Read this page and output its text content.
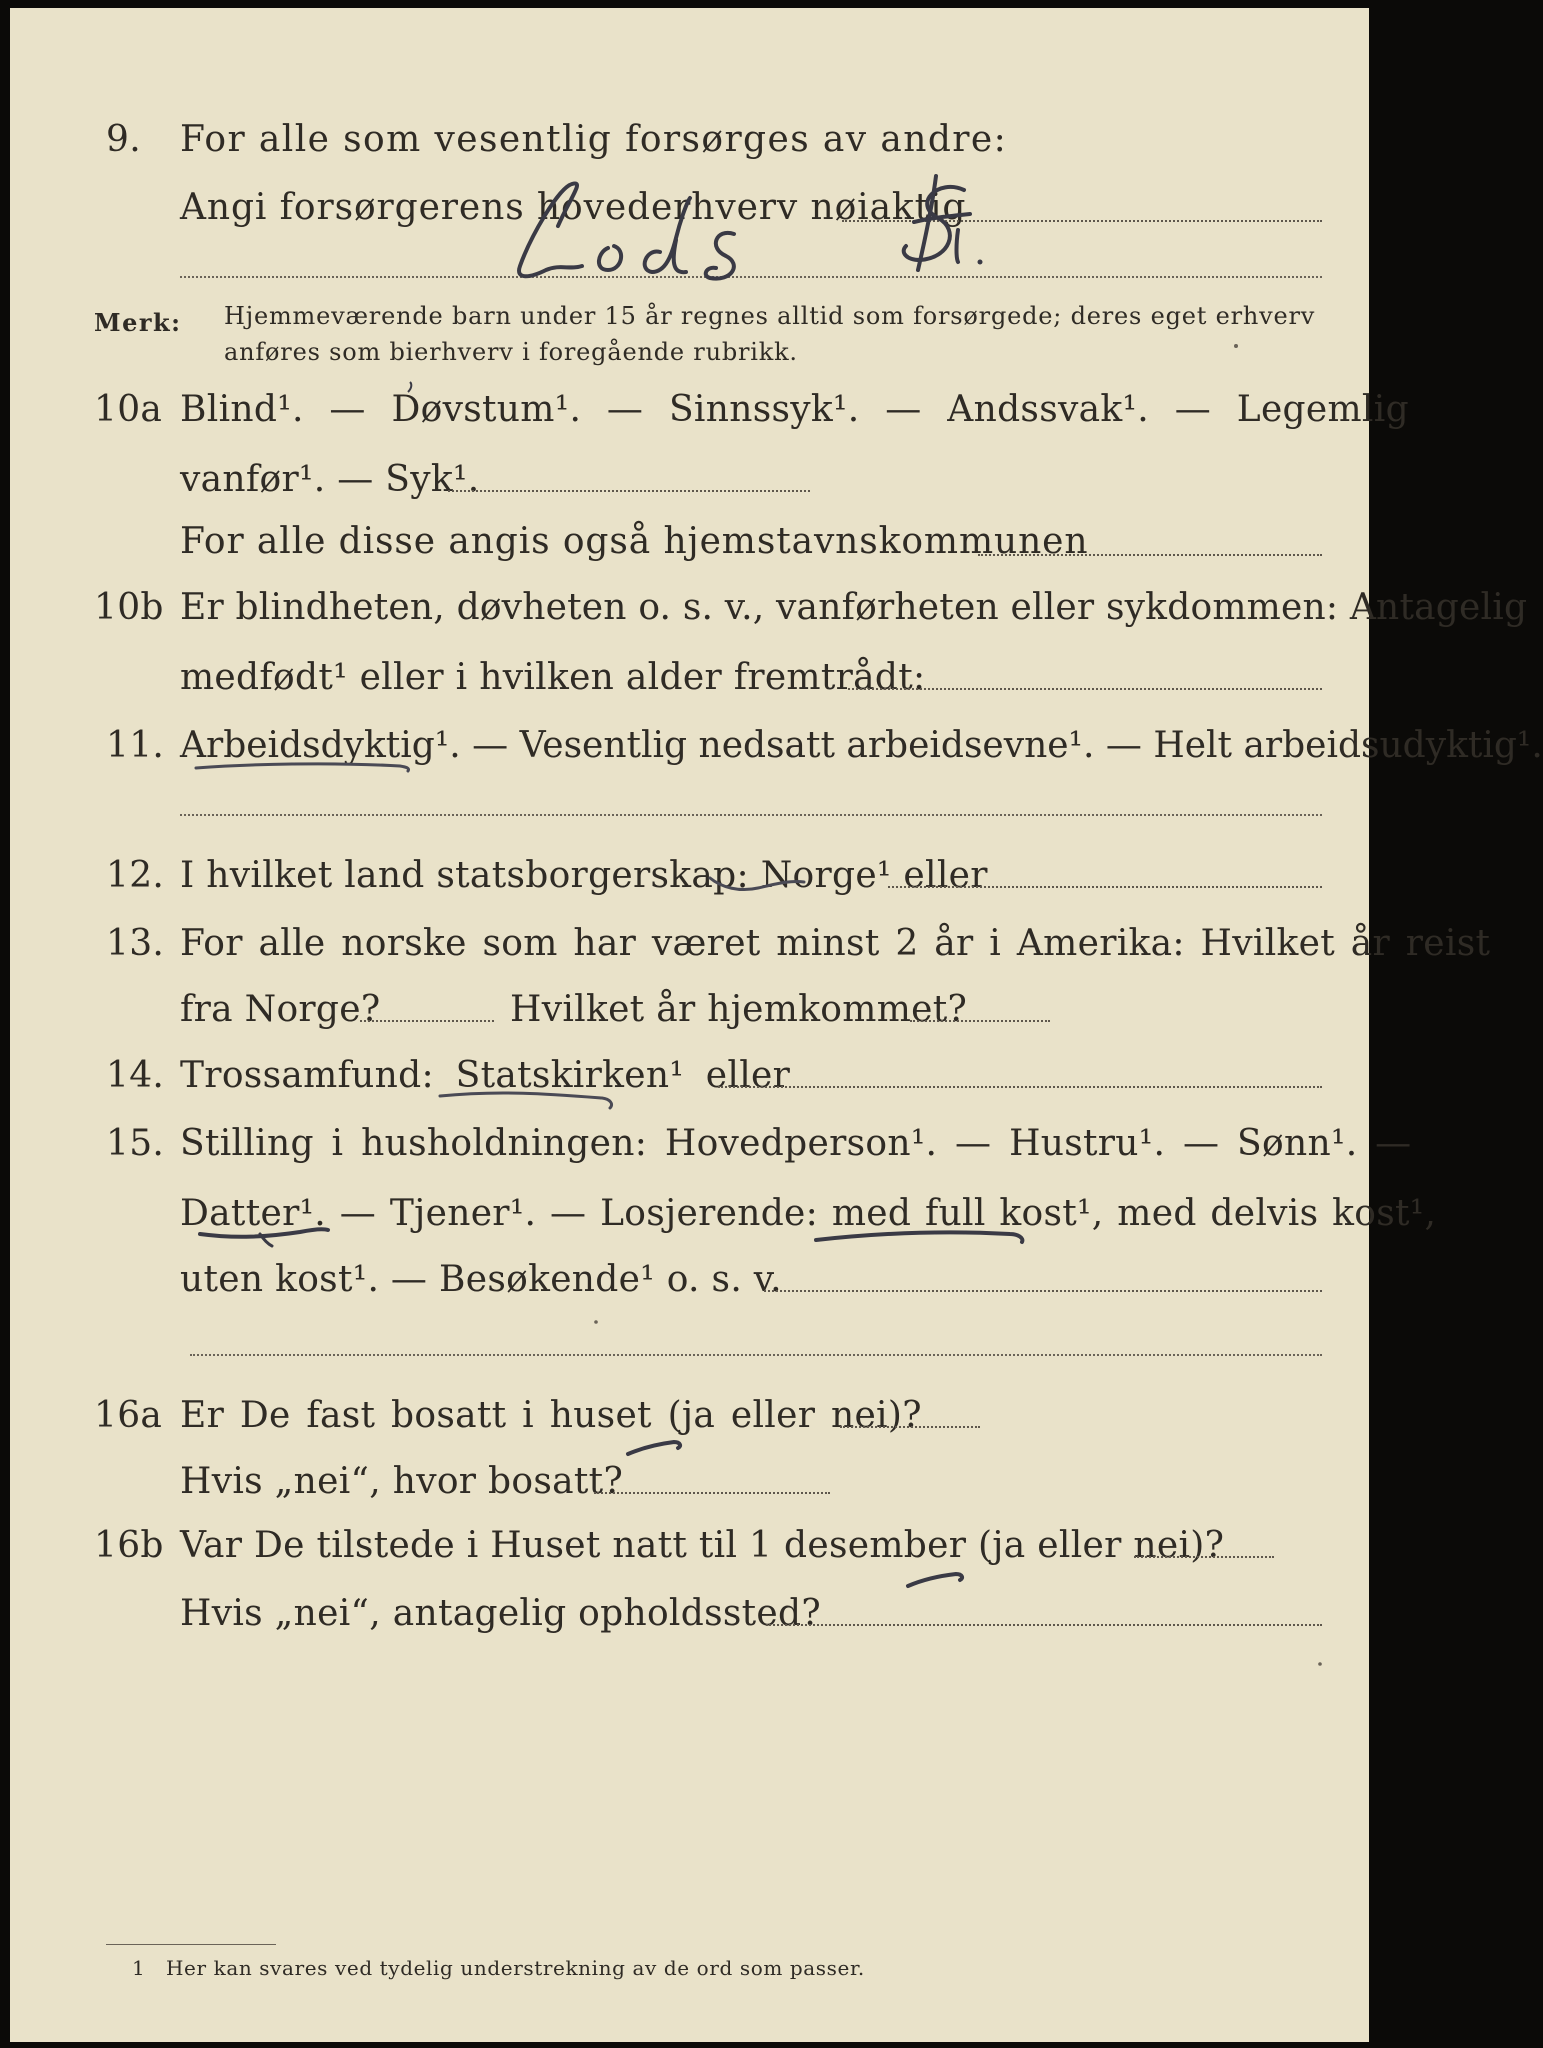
9. For alle som vesentlig forsørges av andre:
Angi forsørgerens hovederhverv nøiaktig
Merk: Hjemmeværende barn under 15 år regnes alltid som forsørgede; deres eget erhverv
anføres som bierhverv i foregående rubrikk.
10a Blind¹. — Døvstum¹. — Sinnssyk¹. — Andssvak¹. — Legemlig
vanfør¹. — Syk¹.
For alle disse angis også hjemstavnskommunen
10b Er blindheten, døvheten o. s. v., vanførheten eller sykdommen: Antagelig
medfødt¹ eller i hvilken alder fremtrådt:
11. Arbeidsdyktig¹. — Vesentlig nedsatt arbeidsevne¹. — Helt arbeidsudyktig¹.
12. I hvilket land statsborgerskap: Norge¹ eller
13. For alle norske som har været minst 2 år i Amerika: Hvilket år reist
fra Norge?	Hvilket år hjemkommet?
14. Trossamfund: Statskirken¹ eller
15. Stilling i husholdningen: Hovedperson¹. — Hustru¹. — Sønn¹. —
Datter¹. — Tjener¹. — Losjerende: med full kost¹, med delvis kost¹,
uten kost¹. — Besøkende¹ o. s. v.
16a Er De fast bosatt i huset (ja eller nei)?
Hvis „nei“, hvor bosatt?
16b Var De tilstede i Huset natt til 1 desember (ja eller nei)?
Hvis „nei“, antagelig opholdssted?
1 Her kan svares ved tydelig understrekning av de ord som passer.
